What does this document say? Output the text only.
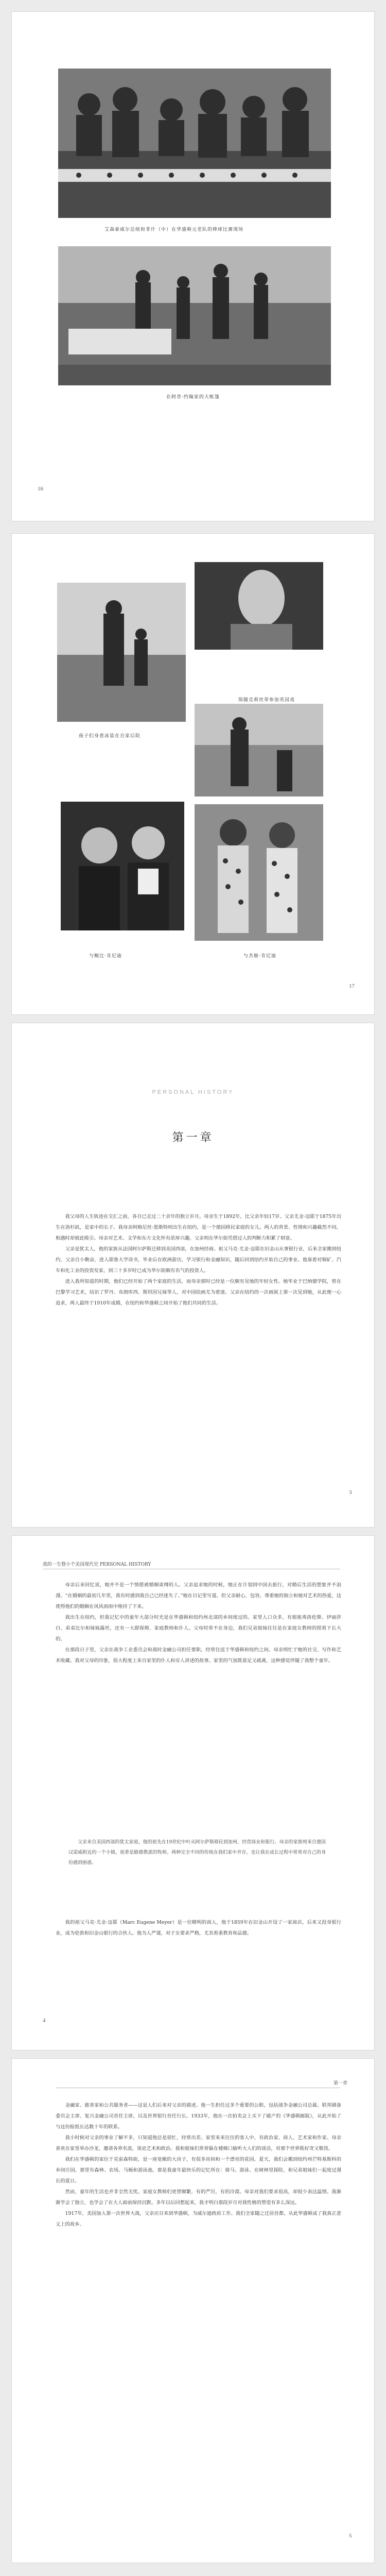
艾森豪威尔总统和菲什（中）在华盛顿元老队的棒球比赛现场
在阿奇·约翰家的大帐篷
16
简随克莉丝蒂参加英国戏
孩子们身着泳装在自家后院
与鲍比·肯尼迪	与杰姬·肯尼迪
17
PERSONAL HISTORY
第一章

我父母的人生轨迹在交汇之前，各自已走过二十余年的独立岁月。母亲生于1892年，比父亲年轻17岁。父亲尤金·迈耶于1875年出生在洛杉矶，是家中的长子。我母亲阿格尼丝·恩斯特则出生在纽约，是一个德国移民家庭的女儿。两人的背景、性情和兴趣截然不同，相遇时却彼此吸引。母亲对艺术、文学和东方文化怀有浓厚兴趣，父亲则在华尔街凭借过人的判断力积累了财富。

父亲是犹太人，他的家族从法国阿尔萨斯迁移到美国西部，在加州经商。祖父马克·尤金·迈耶在旧金山从事银行业，后来全家搬到纽约。父亲自小勤奋，进入耶鲁大学读书，毕业后在欧洲游历，学习银行和金融知识，随后回到纽约开始自己的事业。他靠着对铜矿、汽车和化工业的投资发家，到三十多岁时已成为华尔街颇有名气的投资人。

进入我所知道的时期，他们已经开始了两个家庭的生活，而母亲那时已经是一位颇有见地的年轻女性。她毕业于巴纳德学院，曾在巴黎学习艺术，结识了罗丹、布朗库西、斯坦因兄妹等人，对中国绘画尤为着迷。父亲在纽约的一次画展上第一次见到她，从此便一心追求，两人最终于1910年成婚，在纽约和华盛顿之间开始了他们共同的生活。

3
我的一生暨小个美国现代史 PERSONAL HISTORY

母亲后来回忆说，她并不是一个情愿被婚姻束缚的人。父亲追求她的时候，她正在计划到中国去旅行，对婚后生活的想象并不浪漫。“在婚姻的最初几年里，我有时感到我自己已经迷失了。”她在日记里写道。但父亲耐心、包容，尊重她的独立和她对艺术的热爱，这使得他们的婚姻在风风雨雨中维持了下来。

我出生在纽约，但我记忆中的童年大部分时光是在华盛顿和纽约州北部的乡间度过的。家里人口众多，有姐姐弗洛伦斯、伊丽莎白、弟弟比尔和妹妹露丝，还有一大群保姆、家庭教师和仆人。父母时常不在身边，我们兄弟姐妹往往是在家庭女教师的照看下长大的。

在那段日子里，父亲在战争工业委员会和战时金融公司担任要职，经常往返于华盛顿和纽约之间。母亲则忙于她的社交、写作和艺术收藏。我对父母的印象，很大程度上来自家里的仆人和旁人讲述的故事。家里的气氛既富足又疏离，这种感觉伴随了我整个童年。

父亲来自美国西部的犹太家庭，他的祖先在19世纪中叶从阿尔萨斯移民到加州，经营商业和银行。母亲的家族则来自德国汉诺威附近的一个小镇，祖辈是路德教派的牧师。两种完全不同的传统在我们家中并存，也让我在成长过程中常常对自己的身份感到困惑。

我的祖父马克·尤金·迈耶（Marc Eugene Meyer）是一位精明的商人，他于1859年在旧金山开设了一家商店，后来又投身银行业，成为伦敦和旧金山银行的合伙人。他为人严谨，对子女要求严格，尤其看重教育和品德。

4
第一章

金融家、慈善家和公共服务者——这是人们后来对父亲的描述。他一生担任过多个重要的公职，包括战争金融公司总裁、联邦储备委员会主席、复兴金融公司首任主席，以及世界银行首任行长。1933年，他在一次拍卖会上买下了破产的《华盛顿邮报》，从此开始了与这份报纸长达数十年的联系。

我小时候对父亲的事业了解不多，只知道他总是很忙，经常出差。家里来来往往的客人中，有政治家、商人、艺术家和作家。母亲喜欢在家里举办沙龙，邀请各界名流，谈论艺术和政治。我和姐妹们常常躲在楼梯口偷听大人们的谈话，对那个世界既好奇又敬畏。

我们在华盛顿的家位于克雷森特街，是一座宽敞的大房子，有很多房间和一个漂亮的花园。夏天，我们会搬到纽约州芒特基斯科的乡间庄园，那里有森林、农场、马厩和游泳池。那是我童年最快乐的记忆所在：骑马、游泳、在树林里探险，和兄弟姐妹们一起度过漫长的夏日。

然而，童年的生活也并非全然无忧。家庭女教师们更替频繁，有的严厉，有的冷漠。母亲对我们要求很高，却很少表达温情。我渐渐学会了独立，也学会了在大人面前保持沉默。多年以后回想起来，我才明白那段岁月对我性格的塑造有多么深远。

1917年，美国加入第一次世界大战，父亲应召来到华盛顿，为威尔逊政府工作。我们全家随之迁居首都，从此华盛顿成了我真正意义上的故乡。

5
